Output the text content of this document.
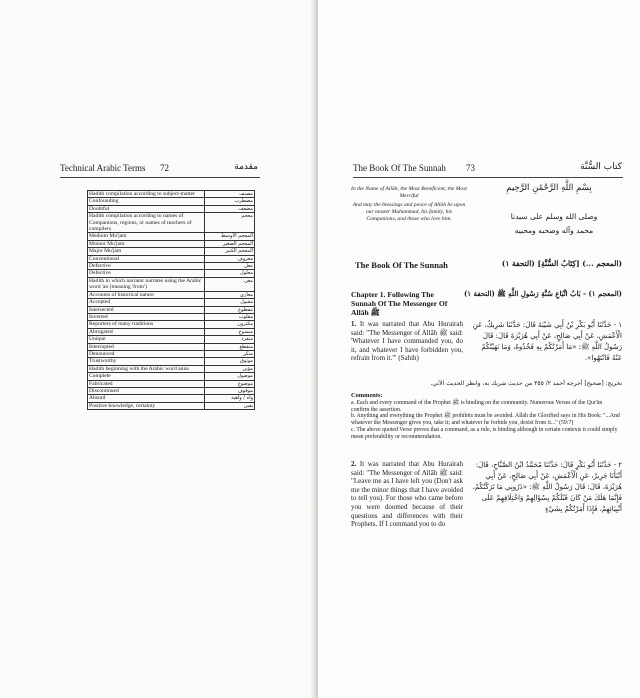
Technical Arabic Terms 72	مقدمة
Hadith compilation according to subject-matter	مصنف
Confounding	مضطرب
Doubtful	مضعف
Hadith compilation according to names of Companions, regions, or names of teachers of compilers	معجم
Medium Mu'jam	المعجم الأوسط
Moinor Mu'jam	المعجم الصغير
Major Mu'jam	المعجم الكبير
Conventional	معروف
Defective	معل
Defective	معلول
Hadith in which narrator narrates using the Arabic word 'an (meaning 'from')	معن
Accounts of historical nature	مغازي
Accepted	مقبول
Intersected	مقطوع
Inverted	مقلوب
Reporters of many traditions	مكثرون
Abrogated	منسوخ
Unique	منفرد
Interrupted	منقطع
Denounced	منكر
Trustworthy	موثوق
Hadith beginning with the Arabic word anna	مؤنن
Complete	موصول
Fabricated	موضوع
Discontinued	موقوف
Absurd	واه / واهية
Positive knowledge, certainty	يقين
The Book Of The Sunnah 73	كتاب السُّنَّة
بِسْمِ اللَّهِ الرَّحْمَٰنِ الرَّحِيمِ

In the Name of Allāh, the Most Beneficent, the Most Merciful

And may the blessings and peace of Allāh be upon our master Muhammad, his family, his Companions, and those who love him.	وصلى الله وسلم على سيدنا
محمد وآله وصحبه ومحبيه
The Book Of The Sunnah	(المعجم ...) [كِتَابُ السُّنَّةِ] (التحفة ١)
Chapter 1. Following The Sunnah Of The Messenger Of Allāh ﷺ
(المعجم ١) - بَابُ اتِّبَاعِ سُنَّةِ رَسُولِ اللَّهِ ﷺ (التحفة ١)
1. It was narrated that Abu Hurairah said: "The Messenger of Allāh ﷺ said: 'Whatever I have commanded you, do it, and whatever I have forbidden you, refrain from it.'" (Sahih)
١ - حَدَّثَنَا أَبُو بَكْرِ بْنُ أَبِي شَيْبَةَ قَالَ: حَدَّثَنَا شَرِيكٌ، عَنِ الْأَعْمَشِ، عَنْ أَبِي صَالِحٍ، عَنْ أَبِي هُرَيْرَةَ قَالَ: قَالَ رَسُولُ اللَّهِ ﷺ: «مَا أَمَرْتُكُمْ بِهِ فَخُذُوهُ، وَمَا نَهَيْتُكُمْ عَنْهُ فَانْتَهُوا».
تخريج: [صحيح] أخرجه أحمد ٢/ ٣٥٥ من حديث شريك به، وانظر الحديث الآتي.
Comments:

a. Each and every command of the Prophet ﷺ is binding on the community. Numerous Verses of the Qur'ān confirm the assertion.

b. Anything and everything the Prophet ﷺ prohibits must be avoided. Allāh the Glorified says in His Book: "...And whatever the Messenger gives you, take it; and whatever he forbids you, desist from it..." (59:7)

c. The above quoted Verse proves that a command, as a rule, is binding although in certain contexts it could simply mean preferability or recommendation.

2. It was narrated that Abu Hurairah said: "The Messenger of Allāh ﷺ said: "Leave me as I have left you (Don't ask me the minor things that I have avoided to tell you). For those who came before you were doomed because of their questions and differences with their Prophets. If I command you to do
٢ - حَدَّثَنَا أَبُو بَكْرٍ قَالَ: حَدَّثَنَا مُحَمَّدُ ابْنُ الصَّبَّاحِ، قَالَ: أَنْبَأَنَا جَرِيرٌ، عَنِ الْأَعْمَشِ، عَنْ أَبِي صَالِحٍ، عَنْ أَبِي هُرَيْرَةَ، قَالَ: قَالَ رَسُولُ اللَّهِ ﷺ: «ذَرُونِي مَا تَرَكْتُكُمْ، فَإِنَّمَا هَلَكَ مَنْ كَانَ قَبْلَكُمْ بِسُؤَالِهِمْ وَاخْتِلَافِهِمْ عَلَى أَنْبِيَائِهِمْ، فَإِذَا أَمَرْتُكُمْ بِشَيْءٍ
